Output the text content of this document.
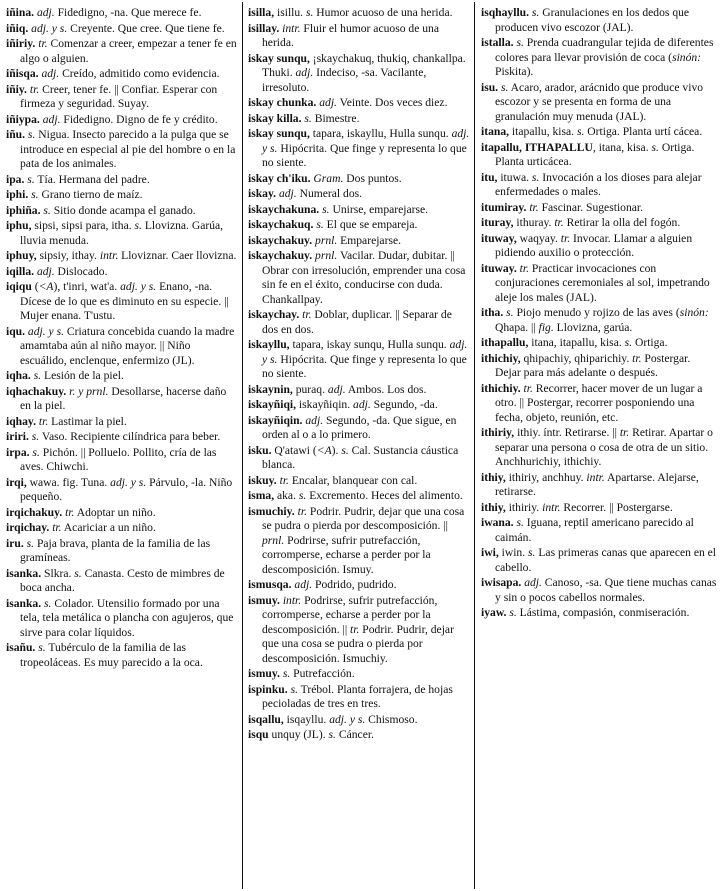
iñina. adj. Fidedigno, -na. Que merece fe.
iñiq. adj. y s. Creyente. Que cree. Que tiene fe.
iñiriy. tr. Comenzar a creer, empezar a tener fe en algo o alguien.
iñisqa. adj. Creído, admitido como evidencia.
iñiy. tr. Creer, tener fe. || Confiar. Esperar con firmeza y seguridad. Suyay.
iñiypa. adj. Fidedigno. Digno de fe y crédito.
iñu. s. Nigua. Insecto parecido a la pulga que se introduce en especial al pie del hombre o en la pata de los animales.
ipa. s. Tía. Hermana del padre.
iphi. s. Grano tierno de maíz.
iphiña. s. Sitio donde acampa el ganado.
iphu, sipsi, sipsi para, itha. s. Llovizna. Garúa, lluvia menuda.
iphuy, sipsiy, ithay. intr. Lloviznar. Caer llovizna.
iqilla. adj. Dislocado.
iqiqu (<A), t'inri, wat'a. adj. y s. Enano, -na. Dícese de lo que es diminuto en su especie. || Mujer enana. T'ustu.
iqu. adj. y s. Criatura concebida cuando la madre amamtaba aún al niño mayor. || Niño escuálido, enclenque, enfermizo (JL).
iqha. s. Lesión de la piel.
iqhachakuy. r. y prnl. Desollarse, hacerse daño en la piel.
iqhay. tr. Lastimar la piel.
iriri. s. Vaso. Recipiente cilíndrica para beber.
irpa. s. Pichón. || Polluelo. Pollito, cría de las aves. Chiwchi.
irqi, wawa. fig. Tuna. adj. y s. Párvulo, -la. Niño pequeño.
irqichakuy. tr. Adoptar un niño.
irqichay. tr. Acariciar a un niño.
iru. s. Paja brava, planta de la familia de las gramíneas.
isanka. Slkra. s. Canasta. Cesto de mimbres de boca ancha.
isanka. s. Colador. Utensilio formado por una tela, tela metálica o plancha con agujeros, que sirve para colar líquidos.
isañu. s. Tubérculo de la familia de las tropeoláceas. Es muy parecido a la oca.
isilla, isillu. s. Humor acuoso de una herida.
isillay. intr. Fluir el humor acuoso de una herida.
iskay sunqu, ¡skaychakuq, thukiq, chankallpa. Thuki. adj. Indeciso, -sa. Vacilante, irresoluto.
iskay chunka. adj. Veinte. Dos veces diez.
iskay killa. s. Bimestre.
iskay sunqu, tapara, iskayllu, Hulla sunqu. adj. y s. Hipócrita. Que finge y representa lo que no siente.
iskay ch'iku. Gram. Dos puntos.
iskay. adj. Numeral dos.
iskaychakuna. s. Unirse, emparejarse.
iskaychakuq. s. El que se empareja.
iskaychakuy. prnl. Emparejarse.
iskaychakuy. prnl. Vacilar. Dudar, dubitar. || Obrar con irresolución, emprender una cosa sin fe en el éxito, conducirse con duda. Chankallpay.
iskaychay. tr. Doblar, duplicar. || Separar de dos en dos.
iskayllu, tapara, iskay sunqu, Hulla sunqu. adj. y s. Hipócrita. Que finge y representa lo que no siente.
iskaynin, puraq. adj. Ambos. Los dos.
iskayñiqi, iskayñiqin. adj. Segundo, -da.
iskayñiqin. adj. Segundo, -da. Que sigue, en orden al o a lo primero.
isku. Q'atawi (<A). s. Cal. Sustancia cáustica blanca.
iskuy. tr. Encalar, blanquear con cal.
isma, aka. s. Excremento. Heces del alimento.
ismuchiy. tr. Podrir. Pudrir, dejar que una cosa se pudra o pierda por descomposición. || prnl. Podrirse, sufrir putrefacción, corromperse, echarse a perder por la descomposición. Ismuy.
ismusqa. adj. Podrido, pudrido.
ismuy. intr. Podrirse, sufrir putrefacción, corromperse, echarse a perder por la descomposición. || tr. Podrir. Pudrir, dejar que una cosa se pudra o pierda por descomposición. Ismuchiy.
ismuy. s. Putrefacción.
ispinku. s. Trébol. Planta forrajera, de hojas pecioladas de tres en tres.
isqallu, isqayllu. adj. y s. Chismoso.
isqu unquy (JL). s. Cáncer.
isqhayllu. s. Granulaciones en los dedos que producen vivo escozor (JAL).
istalla. s. Prenda cuadrangular tejida de diferentes colores para llevar provisión de coca (sinón: Piskita).
isu. s. Acaro, arador, arácnido que produce vivo escozor y se presenta en forma de una granulación muy menuda (JAL).
itana, itapallu, kisa. s. Ortiga. Planta urtí cácea.
itapallu, ITHAPALLU, itana, kisa. s. Ortiga. Planta urticácea.
itu, ituwa. s. Invocación a los dioses para alejar enfermedades o males.
itumiray. tr. Fascinar. Sugestionar.
ituray, ithuray. tr. Retirar la olla del fogón.
ituway, waqyay. tr. Invocar. Llamar a alguien pidiendo auxilio o protección.
ituway. tr. Practicar invocaciones con conjuraciones ceremoniales al sol, impetrando aleje los males (JAL).
itha. s. Piojo menudo y rojizo de las aves (sinón: Qhapa. || fig. Llovizna, garúa.
ithapallu, itana, itapallu, kisa. s. Ortiga.
ithichiy, qhipachiy, qhiparichiy. tr. Postergar. Dejar para más adelante o después.
ithichiy. tr. Recorrer, hacer mover de un lugar a otro. || Postergar, recorrer posponiendo una fecha, objeto, reunión, etc.
ithiriy, ithiy. íntr. Retirarse. || tr. Retirar. Apartar o separar una persona o cosa de otra de un sitio. Anchhurichiy, ithichiy.
ithiy, ithiriy, anchhuy. intr. Apartarse. Alejarse, retirarse.
ithiy, ithiriy. intr. Recorrer. || Postergarse.
iwana. s. Iguana, reptil americano parecido al caimán.
iwi, iwin. s. Las primeras canas que aparecen en el cabello.
iwisapa. adj. Canoso, -sa. Que tiene muchas canas y sin o pocos cabellos normales.
iyaw. s. Lástima, compasión, conmiseración.
